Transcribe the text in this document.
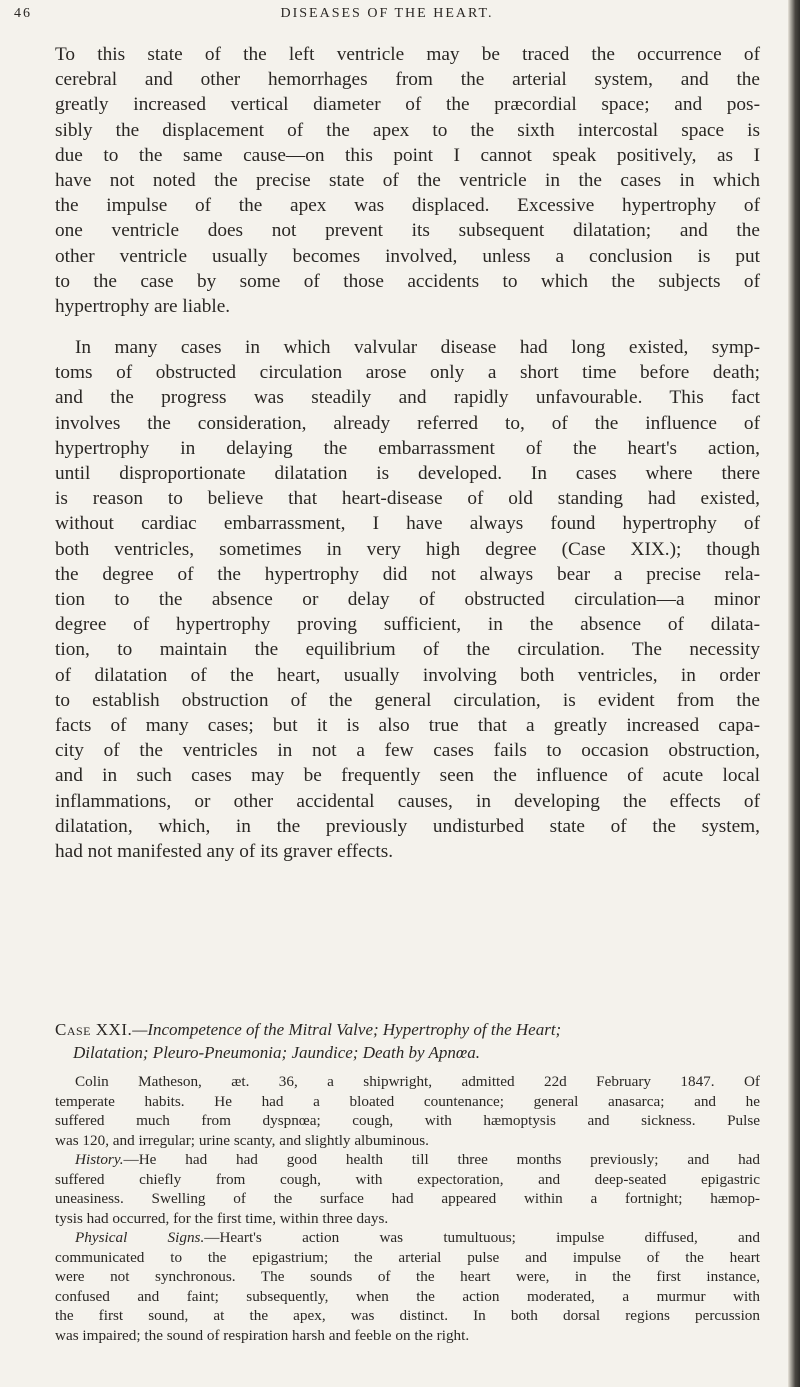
46	DISEASES OF THE HEART.

To this state of the left ventricle may be traced the occurrence of
cerebral and other hemorrhages from the arterial system, and the
greatly increased vertical diameter of the præcordial space; and pos-
sibly the displacement of the apex to the sixth intercostal space is
due to the same cause—on this point I cannot speak positively, as I
have not noted the precise state of the ventricle in the cases in which
the impulse of the apex was displaced. Excessive hypertrophy of
one ventricle does not prevent its subsequent dilatation; and the
other ventricle usually becomes involved, unless a conclusion is put
to the case by some of those accidents to which the subjects of
hypertrophy are liable.

In many cases in which valvular disease had long existed, symp-
toms of obstructed circulation arose only a short time before death;
and the progress was steadily and rapidly unfavourable. This fact
involves the consideration, already referred to, of the influence of
hypertrophy in delaying the embarrassment of the heart's action,
until disproportionate dilatation is developed. In cases where there
is reason to believe that heart-disease of old standing had existed,
without cardiac embarrassment, I have always found hypertrophy of
both ventricles, sometimes in very high degree (Case XIX.); though
the degree of the hypertrophy did not always bear a precise rela-
tion to the absence or delay of obstructed circulation—a minor
degree of hypertrophy proving sufficient, in the absence of dilata-
tion, to maintain the equilibrium of the circulation. The necessity
of dilatation of the heart, usually involving both ventricles, in order
to establish obstruction of the general circulation, is evident from the
facts of many cases; but it is also true that a greatly increased capa-
city of the ventricles in not a few cases fails to occasion obstruction,
and in such cases may be frequently seen the influence of acute local
inflammations, or other accidental causes, in developing the effects of
dilatation, which, in the previously undisturbed state of the system,
had not manifested any of its graver effects.

Case XXI.—Incompetence of the Mitral Valve; Hypertrophy of the Heart;
Dilatation; Pleuro-Pneumonia; Jaundice; Death by Apnœa.

Colin Matheson, æt. 36, a shipwright, admitted 22d February 1847. Of
temperate habits. He had a bloated countenance; general anasarca; and he
suffered much from dyspnœa; cough, with hæmoptysis and sickness. Pulse
was 120, and irregular; urine scanty, and slightly albuminous.

History.—He had had good health till three months previously; and had
suffered chiefly from cough, with expectoration, and deep-seated epigastric
uneasiness. Swelling of the surface had appeared within a fortnight; hæmop-
tysis had occurred, for the first time, within three days.

Physical Signs.—Heart's action was tumultuous; impulse diffused, and
communicated to the epigastrium; the arterial pulse and impulse of the heart
were not synchronous. The sounds of the heart were, in the first instance,
confused and faint; subsequently, when the action moderated, a murmur with
the first sound, at the apex, was distinct. In both dorsal regions percussion
was impaired; the sound of respiration harsh and feeble on the right.
